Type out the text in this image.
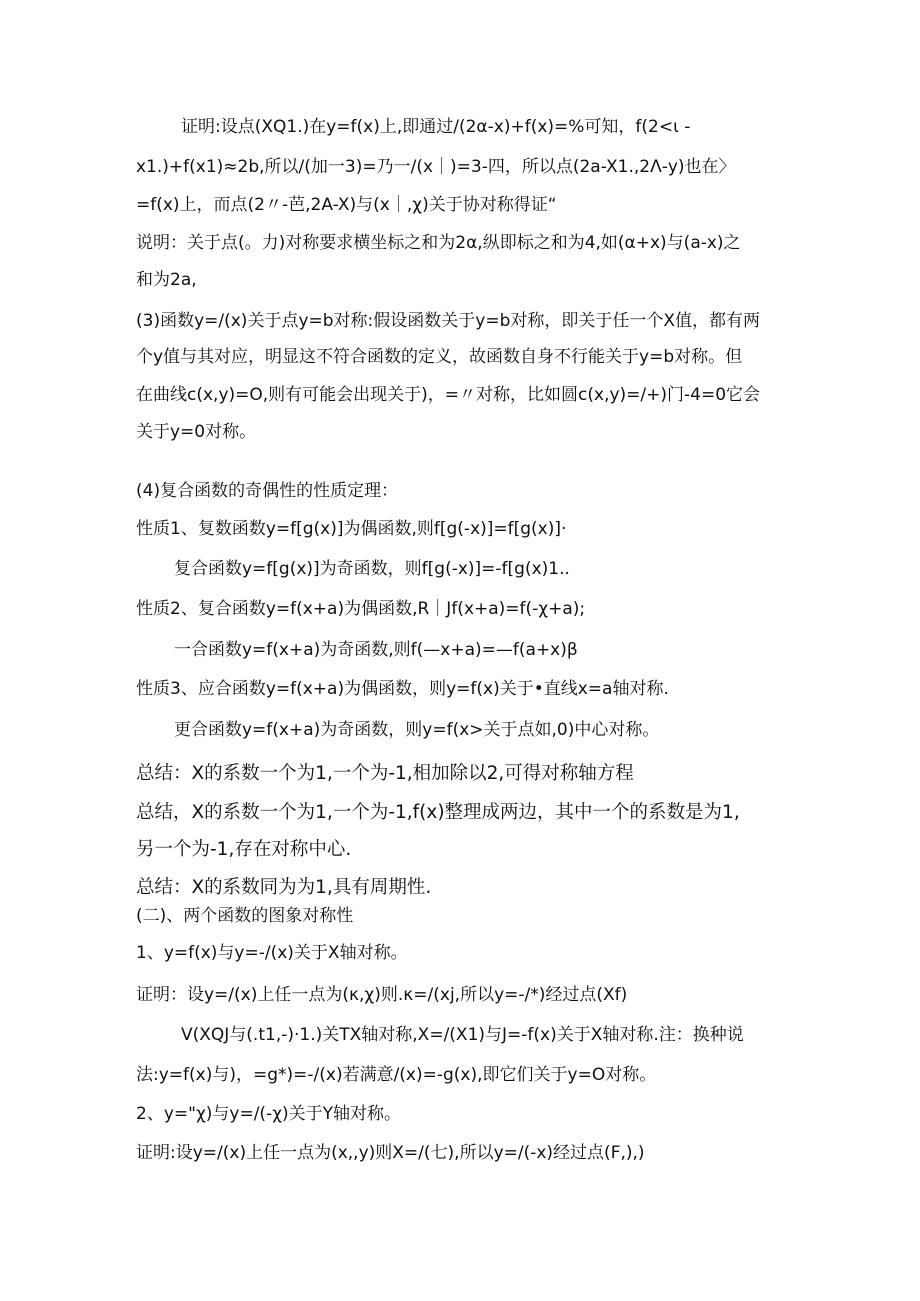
证明:设点(XQ1.)在y=f(x)上,即通过/(2α-x)+f(x)=%可知，f(2<ι -
x1.)+f(x1)≈2b,所以/(加一3)=乃一/(x｜)=3-四，所以点(2a-X1.,2Λ-y)也在〉
=f(x)上，而点(2〃-芭,2A-X)与(x｜,χ)关于协对称得证“
说明：关于点(。力)对称要求横坐标之和为2α,纵即标之和为4,如(α+x)与(a-x)之
和为2a,
(3)函数y=/(x)关于点y=b对称:假设函数关于y=b对称，即关于任一个X值，都有两
个y值与其对应，明显这不符合函数的定义，故函数自身不行能关于y=b对称。但
在曲线c(x,y)=O,则有可能会出现关于)，=〃对称，比如圆c(x,y)=/+)门-4=0它会
关于y=0对称。
(4)复合函数的奇偶性的性质定理：
性质1、复数函数y=f[g(x)]为偶函数,则f[g(-x)]=f[g(x)]·
复合函数y=f[g(x)]为奇函数，则f[g(-x)]=-f[g(x)1..
性质2、复合函数y=f(x+a)为偶函数,R｜Jf(x+a)=f(-χ+a);
一合函数y=f(x+a)为奇函数,则f(—x+a)=—f(a+x)β
性质3、应合函数y=f(x+a)为偶函数，则y=f(x)关于•直线x=a轴对称.
更合函数y=f(x+a)为奇函数，则y=f(x>关于点如,0)中心对称。
总结：X的系数一个为1,一个为-1,相加除以2,可得对称轴方程
总结，X的系数一个为1,一个为-1,f(x)整理成两边，其中一个的系数是为1,
另一个为-1,存在对称中心.
总结：X的系数同为为1,具有周期性.
(二)、两个函数的图象对称性
1、y=f(x)与y=-/(x)关于X轴对称。
证明：设y=/(x)上任一点为(κ,χ)则.κ=/(xj,所以y=-/*)经过点(Xf)
V(XQJ与(.t1,-)·1.)关TX轴对称,X=/(X1)与J=-f(x)关于X轴对称.注：换种说
法:y=f(x)与)，=g*)=-/(x)若满意/(x)=-g(x),即它们关于y=O对称。
2、y="χ)与y=/(-χ)关于Y轴对称。
证明:设y=/(x)上任一点为(x,,y)则X=/(七),所以y=/(-x)经过点(F,),)
